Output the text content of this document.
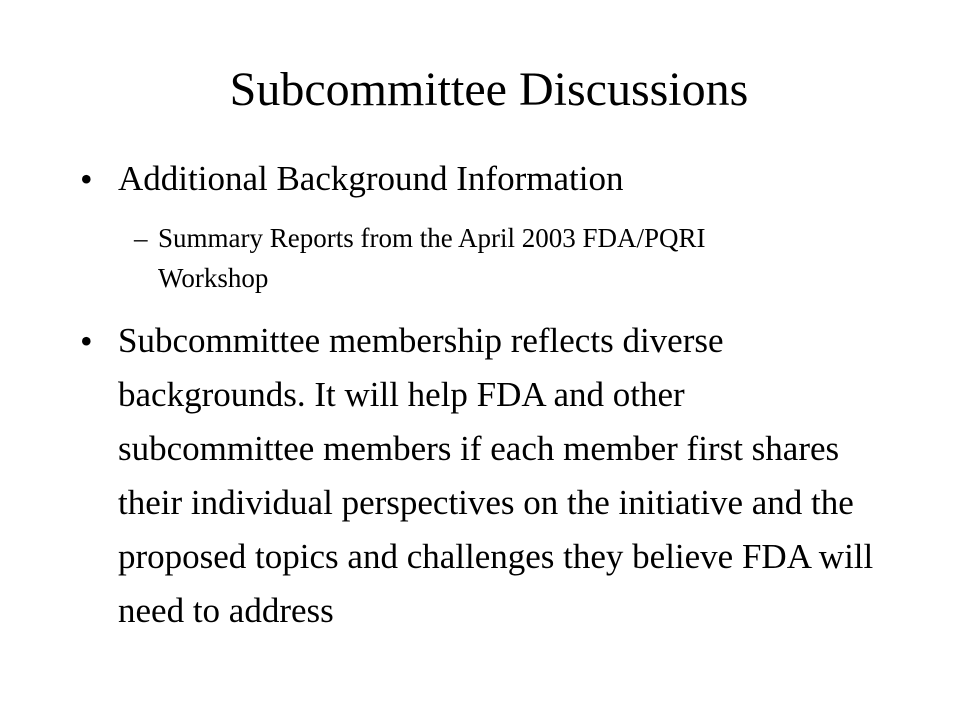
Subcommittee Discussions
• Additional Background Information
– Summary Reports from the April 2003 FDA/PQRI Workshop
• Subcommittee membership reflects diverse backgrounds. It will help FDA and other subcommittee members if each member first shares their individual perspectives on the initiative and the proposed topics and challenges they believe FDA will need to address
